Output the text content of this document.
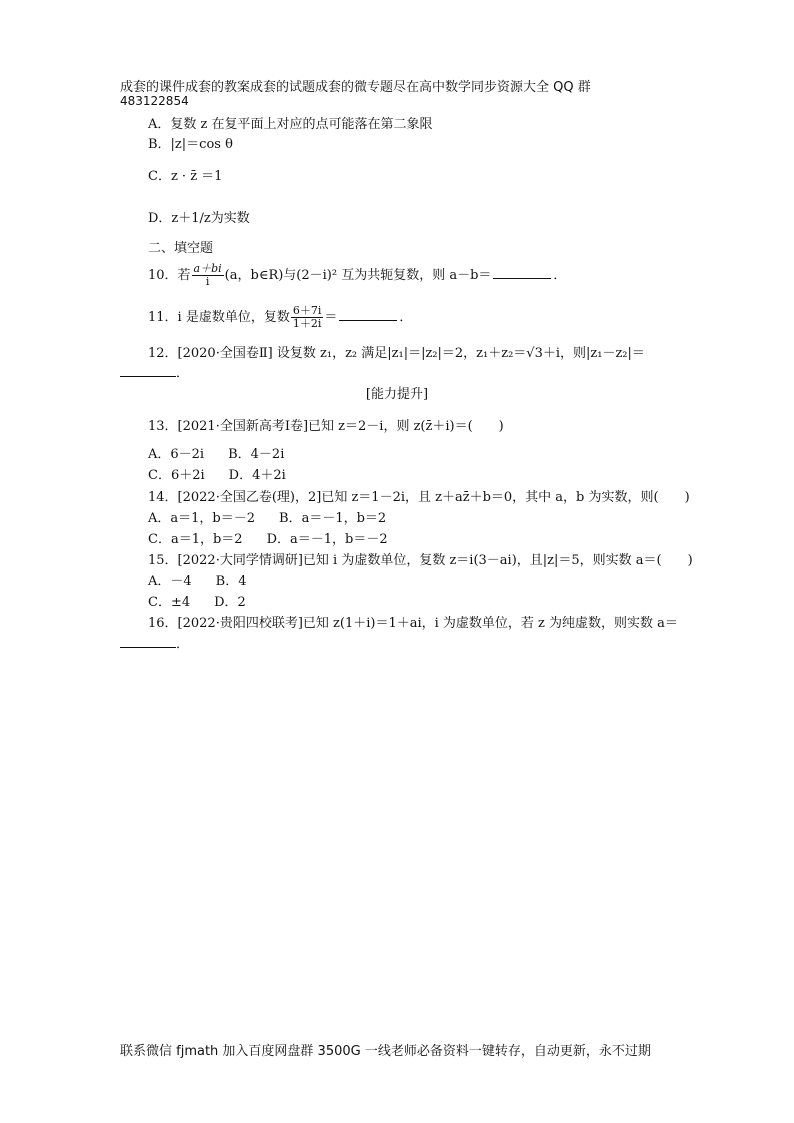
成套的课件成套的教案成套的试题成套的微专题尽在高中数学同步资源大全 QQ 群
483122854
A．复数 z 在复平面上对应的点可能落在第二象限
B．|z|＝cos θ
C．z · z̄ ＝1
D．z＋1/z为实数
二、填空题
10．若 $\frac{a+bi}{i} (a$，b∈R)与(2－i)² 互为共轭复数，则 a－b＝	．
11．i 是虚数单位，复数 $\frac{6+7i}{1+2i}$ ＝	．
12．[2020·全国卷Ⅱ] 设复数 z₁，z₂ 满足|z₁|＝|z₂|＝2，z₁＋z₂＝√3＋i，则|z₁－z₂|＝
．
[能力提升]
13．[2021·全国新高考Ⅰ卷]已知 z＝2－i，则 z(z̄＋i)＝(　　)
A．6－2i B．4－2i
C．6＋2i D．4＋2i
14．[2022·全国乙卷(理)，2]已知 z＝1－2i，且 z＋az̄＋b＝0，其中 a，b 为实数，则(　　)
A．a＝1，b＝－2 B．a＝－1，b＝2
C．a＝1，b＝2 D．a＝－1，b＝－2
15．[2022·大同学情调研]已知 i 为虚数单位，复数 z＝i(3－ai)，且|z|＝5，则实数 a＝(　　)
A．－4 B．4
C．±4 D．2
16．[2022·贵阳四校联考]已知 z(1＋i)＝1＋ai，i 为虚数单位，若 z 为纯虚数，则实数 a＝
．
联系微信 fjmath 加入百度网盘群 3500G 一线老师必备资料一键转存，自动更新，永不过期
